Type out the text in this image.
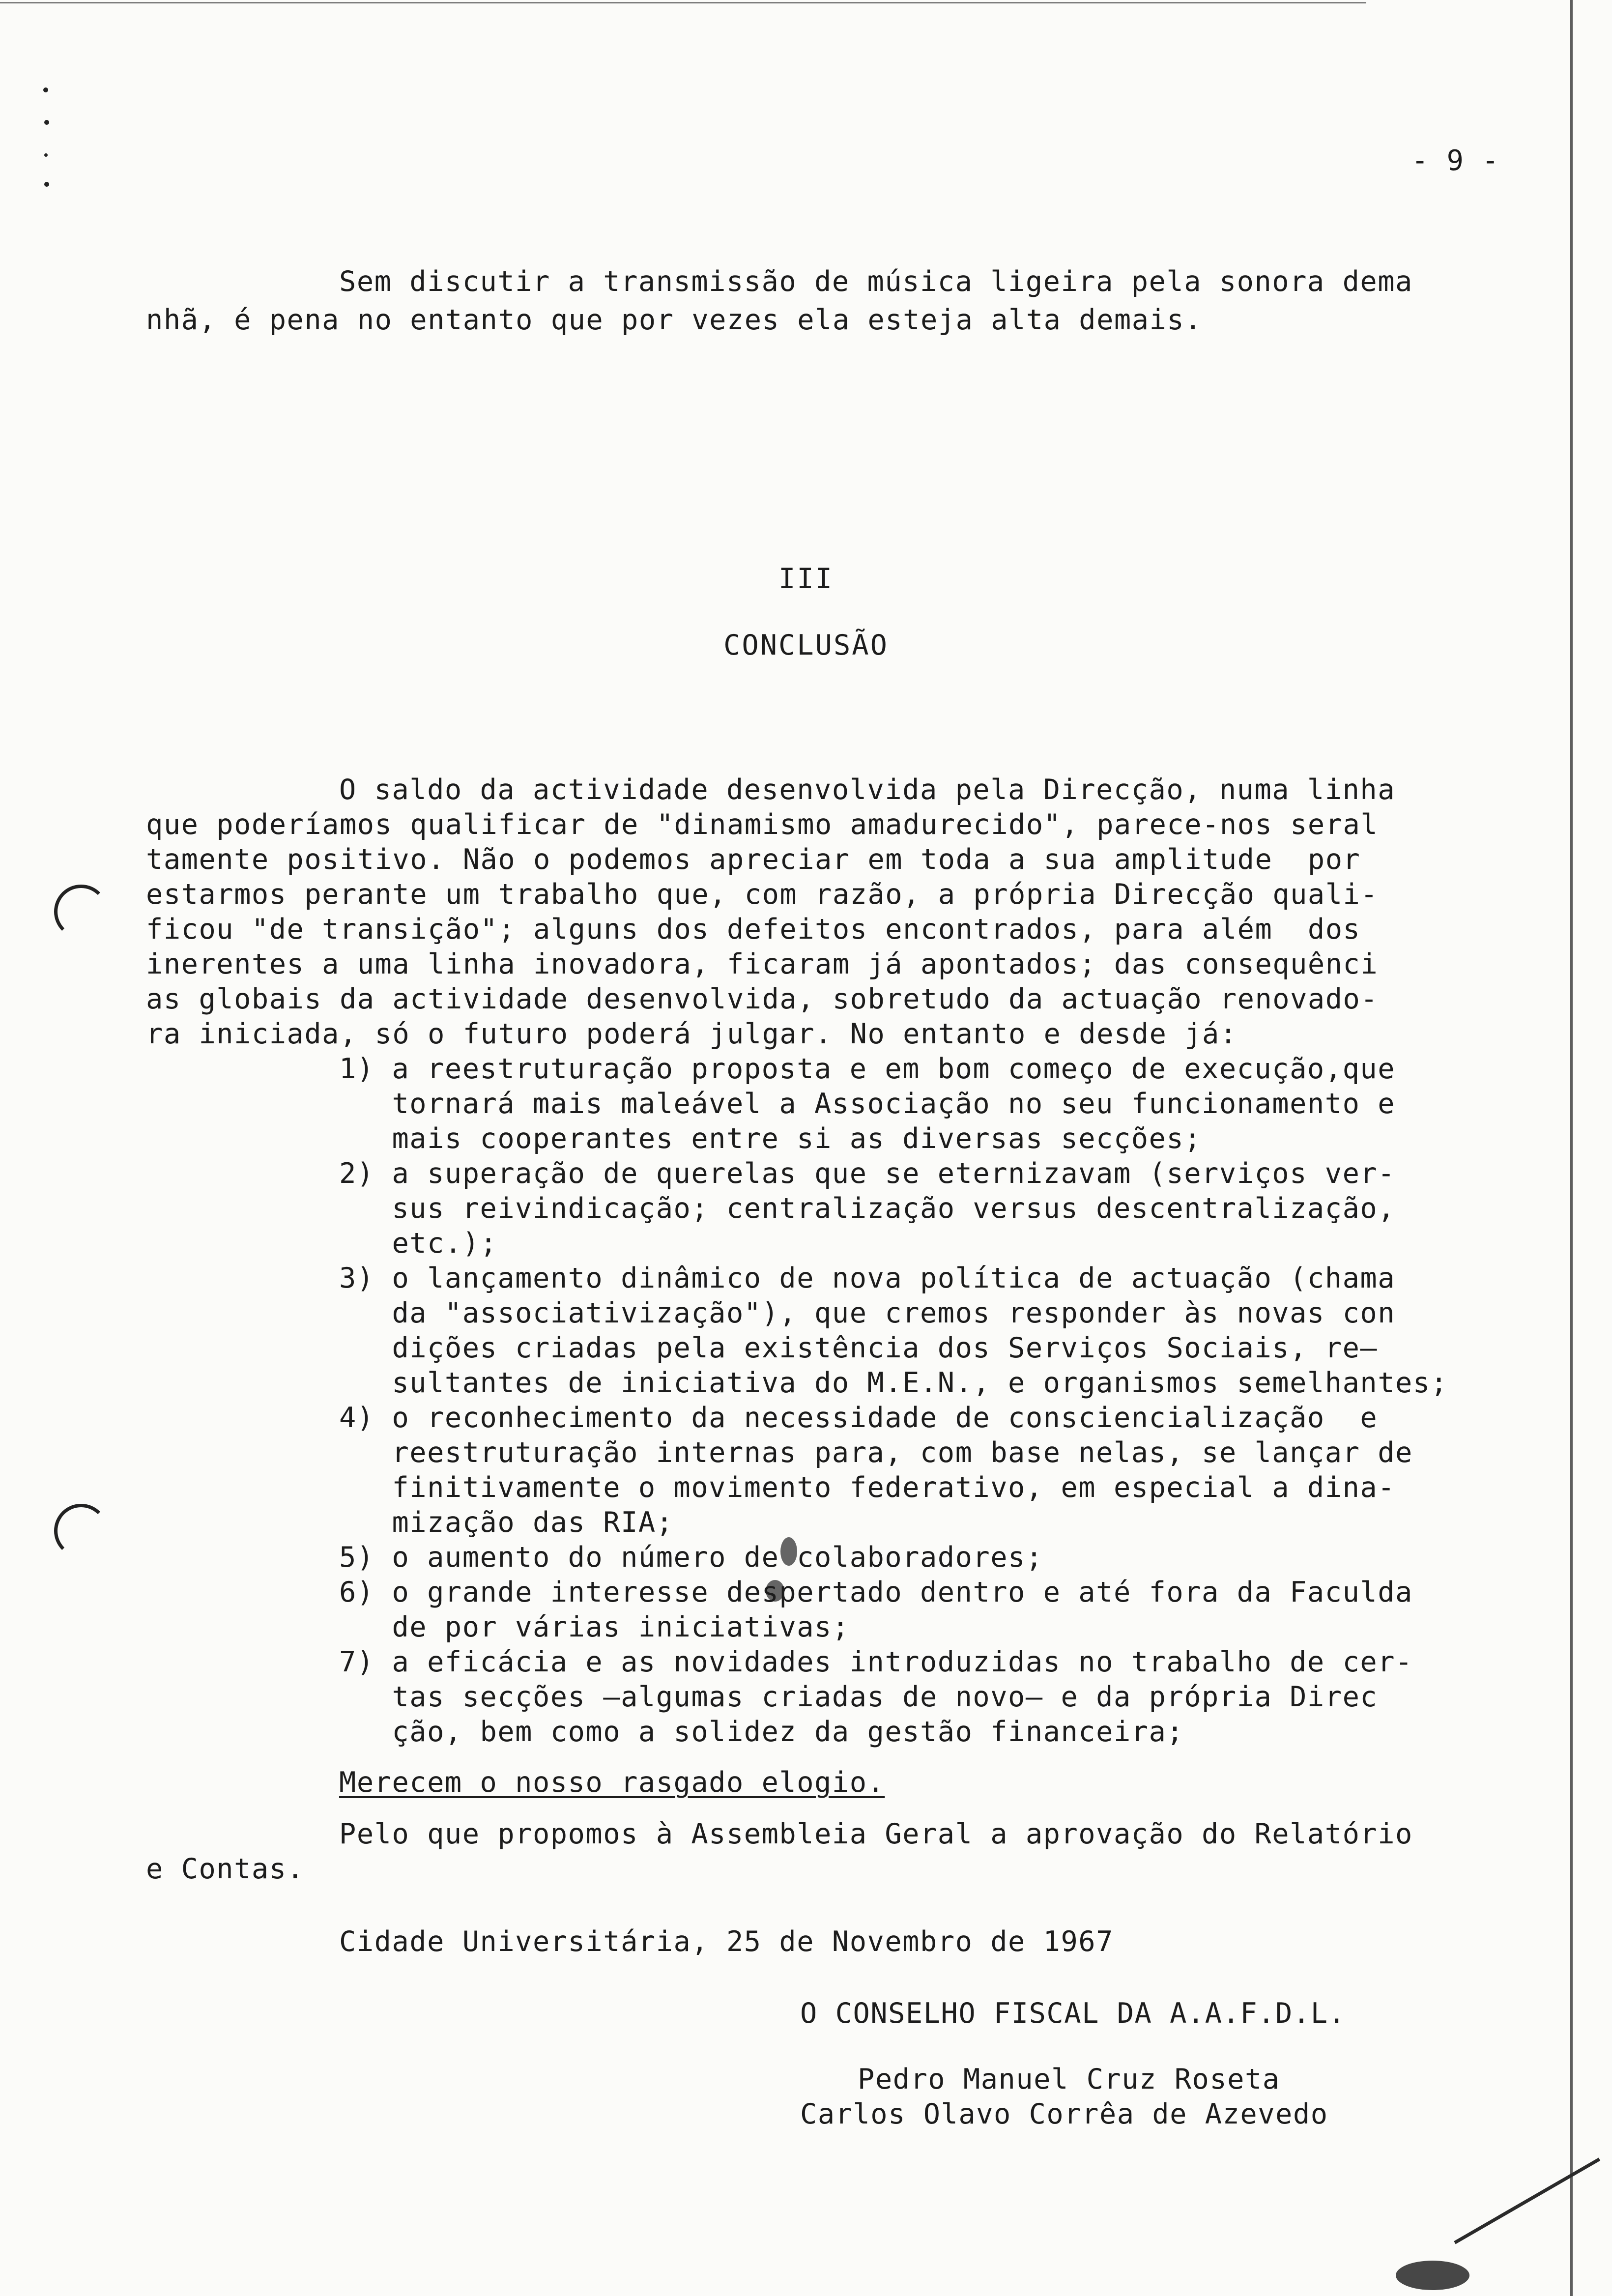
- 9 -
Sem discutir a transmissão de música ligeira pela sonora dema
nhã, é pena no entanto que por vezes ela esteja alta demais.
III
CONCLUSÃO
O saldo da actividade desenvolvida pela Direcção, numa linha
que poderíamos qualificar de "dinamismo amadurecido", parece-nos seral
tamente positivo. Não o podemos apreciar em toda a sua amplitude  por
estarmos perante um trabalho que, com razão, a própria Direcção quali-
ficou "de transição"; alguns dos defeitos encontrados, para além  dos
inerentes a uma linha inovadora, ficaram já apontados; das consequênci
as globais da actividade desenvolvida, sobretudo da actuação renovado-
ra iniciada, só o futuro poderá julgar. No entanto e desde já:
1) a reestruturação proposta e em bom começo de execução,que
tornará mais maleável a Associação no seu funcionamento e
mais cooperantes entre si as diversas secções;
2) a superação de querelas que se eternizavam (serviços ver-
sus reivindicação; centralização versus descentralização,
etc.);
3) o lançamento dinâmico de nova política de actuação (chama
da "associativização"), que cremos responder às novas con
dições criadas pela existência dos Serviços Sociais, re—
sultantes de iniciativa do M.E.N., e organismos semelhantes;
4) o reconhecimento da necessidade de consciencialização  e
reestruturação internas para, com base nelas, se lançar de
finitivamente o movimento federativo, em especial a dina-
mização das RIA;
5) o aumento do número de colaboradores;
6) o grande interesse despertado dentro e até fora da Faculda
de por várias iniciativas;
7) a eficácia e as novidades introduzidas no trabalho de cer-
tas secções —algumas criadas de novo— e da própria Direc
ção, bem como a solidez da gestão financeira;
Merecem o nosso rasgado elogio.
Pelo que propomos à Assembleia Geral a aprovação do Relatório
e Contas.
Cidade Universitária, 25 de Novembro de 1967
O CONSELHO FISCAL DA A.A.F.D.L.
Pedro Manuel Cruz Roseta
Carlos Olavo Corrêa de Azevedo
